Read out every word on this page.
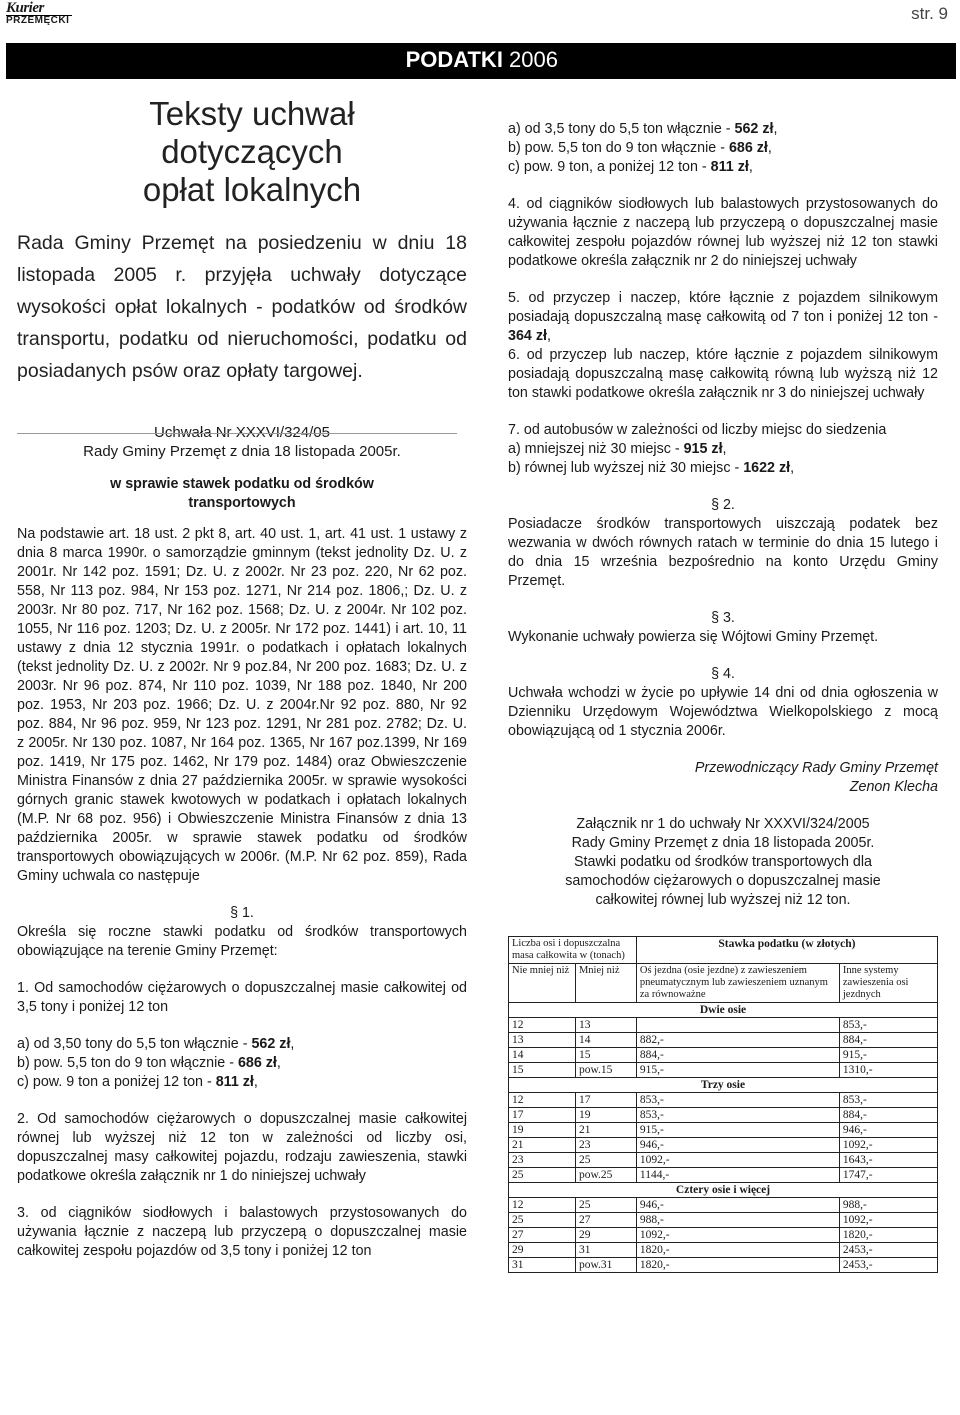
Kurier
PRZEMĘCKI	str. 9
PODATKI 2006
Teksty uchwał
dotyczących
opłat lokalnych
Rada Gminy Przemęt na posiedzeniu w dniu 18 listopada 2005 r. przyjęła uchwały dotyczące wysokości opłat lokalnych - podatków od środków transportu, podatku od nieruchomości, podatku od posiadanych psów oraz opłaty targowej.
Uchwała Nr XXXVI/324/05
Rady Gminy Przemęt z dnia 18 listopada 2005r.
w sprawie stawek podatku od środków transportowych
Na podstawie art. 18 ust. 2 pkt 8, art. 40 ust. 1, art. 41 ust. 1 ustawy z dnia 8 marca 1990r. o samorządzie gminnym (tekst jednolity Dz. U. z 2001r. Nr 142 poz. 1591; Dz. U. z 2002r. Nr 23 poz. 220, Nr 62 poz. 558, Nr 113 poz. 984, Nr 153 poz. 1271, Nr 214 poz. 1806,; Dz. U. z 2003r. Nr 80 poz. 717, Nr 162 poz. 1568; Dz. U. z 2004r. Nr 102 poz. 1055, Nr 116 poz. 1203; Dz. U. z 2005r. Nr 172 poz. 1441) i art. 10, 11 ustawy z dnia 12 stycznia 1991r. o podatkach i opłatach lokalnych (tekst jednolity Dz. U. z 2002r. Nr 9 poz.84, Nr 200 poz. 1683; Dz. U. z 2003r. Nr 96 poz. 874, Nr 110 poz. 1039, Nr 188 poz. 1840, Nr 200 poz. 1953, Nr 203 poz. 1966; Dz. U. z 2004r.Nr 92 poz. 880, Nr 92 poz. 884, Nr 96 poz. 959, Nr 123 poz. 1291, Nr 281 poz. 2782; Dz. U. z 2005r. Nr 130 poz. 1087, Nr 164 poz. 1365, Nr 167 poz.1399, Nr 169 poz. 1419, Nr 175 poz. 1462, Nr 179 poz. 1484) oraz Obwieszczenie Ministra Finansów z dnia 27 października 2005r. w sprawie wysokości górnych granic stawek kwotowych w podatkach i opłatach lokalnych (M.P. Nr 68 poz. 956) i Obwieszczenie Ministra Finansów z dnia 13 października 2005r. w sprawie stawek podatku od środków transportowych obowiązujących w 2006r. (M.P. Nr 62 poz. 859), Rada Gminy uchwala co następuje
§ 1.
Określa się roczne stawki podatku od środków transportowych obowiązujące na terenie Gminy Przemęt:
1. Od samochodów ciężarowych o dopuszczalnej masie całkowitej od 3,5 tony i poniżej 12 ton
a) od 3,50 tony do 5,5 ton włącznie - 562 zł,
b) pow. 5,5 ton do 9 ton włącznie - 686 zł,
c) pow. 9 ton a poniżej 12 ton - 811 zł,
2. Od samochodów ciężarowych o dopuszczalnej masie całkowitej równej lub wyższej niż 12 ton w zależności od liczby osi, dopuszczalnej masy całkowitej pojazdu, rodzaju zawieszenia, stawki podatkowe określa załącznik nr 1 do niniejszej uchwały
3. od ciągników siodłowych i balastowych przystosowanych do używania łącznie z naczepą lub przyczepą o dopuszczalnej masie całkowitej zespołu pojazdów od 3,5 tony i poniżej 12 ton
a) od 3,5 tony do 5,5 ton włącznie - 562 zł,
b) pow. 5,5 ton do 9 ton włącznie - 686 zł,
c) pow. 9 ton, a poniżej 12 ton - 811 zł,
4. od ciągników siodłowych lub balastowych przystosowanych do używania łącznie z naczepą lub przyczepą o dopuszczalnej masie całkowitej zespołu pojazdów równej lub wyższej niż 12 ton stawki podatkowe określa załącznik nr 2 do niniejszej uchwały
5. od przyczep i naczep, które łącznie z pojazdem silnikowym posiadają dopuszczalną masę całkowitą od 7 ton i poniżej 12 ton - 364 zł,
6. od przyczep lub naczep, które łącznie z pojazdem silnikowym posiadają dopuszczalną masę całkowitą równą lub wyższą niż 12 ton stawki podatkowe określa załącznik nr 3 do niniejszej uchwały
7. od autobusów w zależności od liczby miejsc do siedzenia
a) mniejszej niż 30 miejsc - 915 zł,
b) równej lub wyższej niż 30 miejsc - 1622 zł,
§ 2.
Posiadacze środków transportowych uiszczają podatek bez wezwania w dwóch równych ratach w terminie do dnia 15 lutego i do dnia 15 września bezpośrednio na konto Urzędu Gminy Przemęt.
§ 3.
Wykonanie uchwały powierza się Wójtowi Gminy Przemęt.
§ 4.
Uchwała wchodzi w życie po upływie 14 dni od dnia ogłoszenia w Dzienniku Urzędowym Województwa Wielkopolskiego z mocą obowiązującą od 1 stycznia 2006r.
Przewodniczący Rady Gminy Przemęt
Zenon Klecha
Załącznik nr 1 do uchwały Nr XXXVI/324/2005
Rady Gminy Przemęt z dnia 18 listopada 2005r.
Stawki podatku od środków transportowych dla
samochodów ciężarowych o dopuszczalnej masie
całkowitej równej lub wyższej niż 12 ton.
Liczba osi i dopuszczalna masa całkowita w (tonach)		Stawka podatku (w złotych)	
Nie mniej niż	Mniej niż	Oś jezdna (osie jezdne) z zawieszeniem pneumatycznym lub zawieszeniem uznanym za równoważne	Inne systemy zawieszenia osi jezdnych
Dwie osie			
12	13		853,-
13	14	882,-	884,-
14	15	884,-	915,-
15	pow.15	915,-	1310,-
Trzy osie			
12	17	853,-	853,-
17	19	853,-	884,-
19	21	915,-	946,-
21	23	946,-	1092,-
23	25	1092,-	1643,-
25	pow.25	1144,-	1747,-
Cztery osie i więcej			
12	25	946,-	988,-
25	27	988,-	1092,-
27	29	1092,-	1820,-
29	31	1820,-	2453,-
31	pow.31	1820,-	2453,-
